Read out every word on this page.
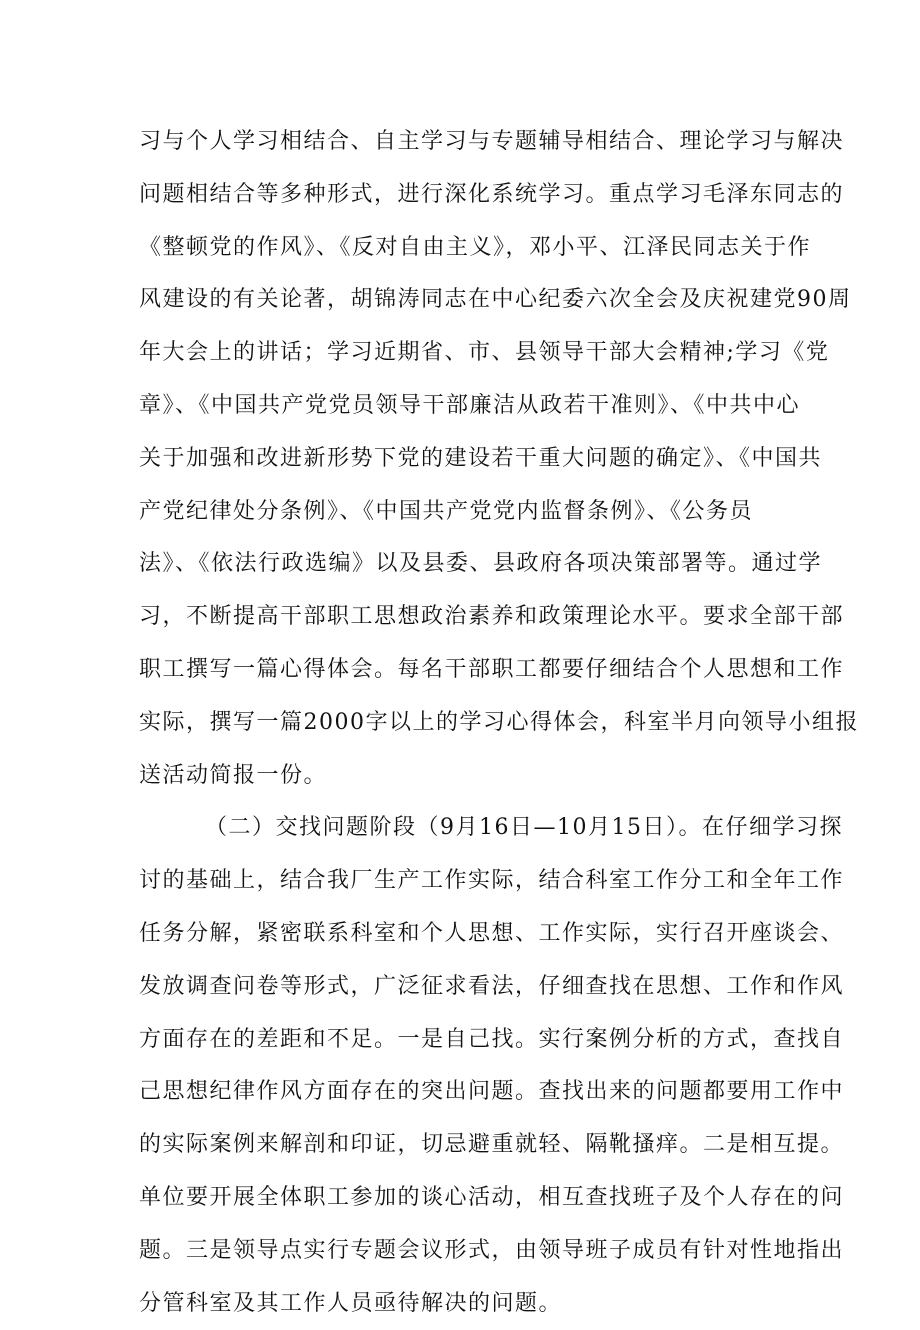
习与个人学习相结合、自主学习与专题辅导相结合、理论学习与解决
问题相结合等多种形式，进行深化系统学习。重点学习毛泽东同志的
《整顿党的作风》、《反对自由主义》，邓小平、江泽民同志关于作
风建设的有关论著，胡锦涛同志在中心纪委六次全会及庆祝建党90周
年大会上的讲话；学习近期省、市、县领导干部大会精神;学习《党
章》、《中国共产党党员领导干部廉洁从政若干准则》、《中共中心
关于加强和改进新形势下党的建设若干重大问题的确定》、《中国共
产党纪律处分条例》、《中国共产党党内监督条例》、《公务员
法》、《依法行政选编》以及县委、县政府各项决策部署等。通过学
习，不断提高干部职工思想政治素养和政策理论水平。要求全部干部
职工撰写一篇心得体会。每名干部职工都要仔细结合个人思想和工作
实际，撰写一篇2000字以上的学习心得体会，科室半月向领导小组报
送活动简报一份。
（二）交找问题阶段（9月16日—10月15日）。在仔细学习探
讨的基础上，结合我厂生产工作实际，结合科室工作分工和全年工作
任务分解，紧密联系科室和个人思想、工作实际，实行召开座谈会、
发放调查问卷等形式，广泛征求看法，仔细查找在思想、工作和作风
方面存在的差距和不足。一是自己找。实行案例分析的方式，查找自
己思想纪律作风方面存在的突出问题。查找出来的问题都要用工作中
的实际案例来解剖和印证，切忌避重就轻、隔靴搔痒。二是相互提。
单位要开展全体职工参加的谈心活动，相互查找班子及个人存在的问
题。三是领导点实行专题会议形式，由领导班子成员有针对性地指出
分管科室及其工作人员亟待解决的问题。
